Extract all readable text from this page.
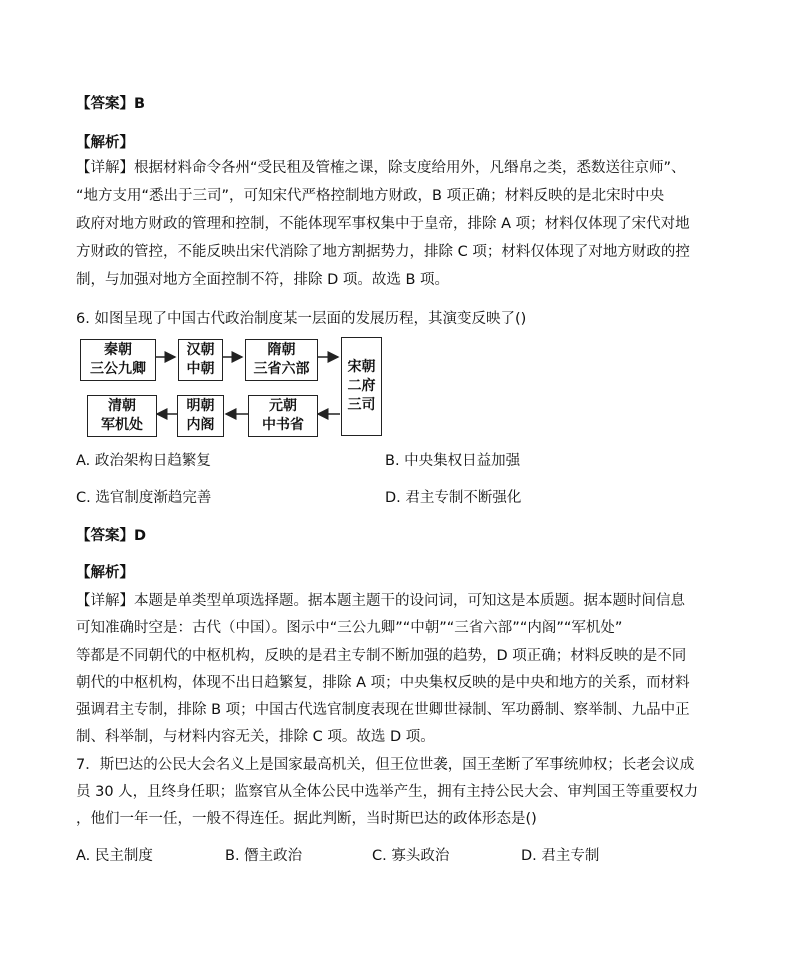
【答案】B
【解析】
【详解】根据材料命令各州“受民租及管榷之课，除支度给用外，凡缗帛之类，悉数送往京师”、
“地方支用“悉出于三司”，可知宋代严格控制地方财政，B 项正确；材料反映的是北宋时中央
政府对地方财政的管理和控制，不能体现军事权集中于皇帝，排除 A 项；材料仅体现了宋代对地
方财政的管控，不能反映出宋代消除了地方割据势力，排除 C 项；材料仅体现了对地方财政的控
制，与加强对地方全面控制不符，排除 D 项。故选 B 项。
6. 如图呈现了中国古代政治制度某一层面的发展历程，其演变反映了()
秦朝
三公九卿
汉朝
中朝
隋朝
三省六部	宋朝
二府
三司
元朝
中书省
明朝
内阁
清朝
军机处
A. 政治架构日趋繁复	B. 中央集权日益加强
C. 选官制度渐趋完善	D. 君主专制不断强化
【答案】D
【解析】
【详解】本题是单类型单项选择题。据本题主题干的设问词，可知这是本质题。据本题时间信息
可知准确时空是：古代（中国）。图示中“三公九卿”“中朝”“三省六部”“内阁”“军机处”
等都是不同朝代的中枢机构，反映的是君主专制不断加强的趋势，D 项正确；材料反映的是不同
朝代的中枢机构，体现不出日趋繁复，排除 A 项；中央集权反映的是中央和地方的关系，而材料
强调君主专制，排除 B 项；中国古代选官制度表现在世卿世禄制、军功爵制、察举制、九品中正
制、科举制，与材料内容无关，排除 C 项。故选 D 项。
7．斯巴达的公民大会名义上是国家最高机关，但王位世袭，国王垄断了军事统帅权；长老会议成
员 30 人，且终身任职；监察官从全体公民中选举产生，拥有主持公民大会、审判国王等重要权力
，他们一年一任，一般不得连任。据此判断，当时斯巴达的政体形态是()
A. 民主制度	B. 僭主政治	C. 寡头政治	D. 君主专制
